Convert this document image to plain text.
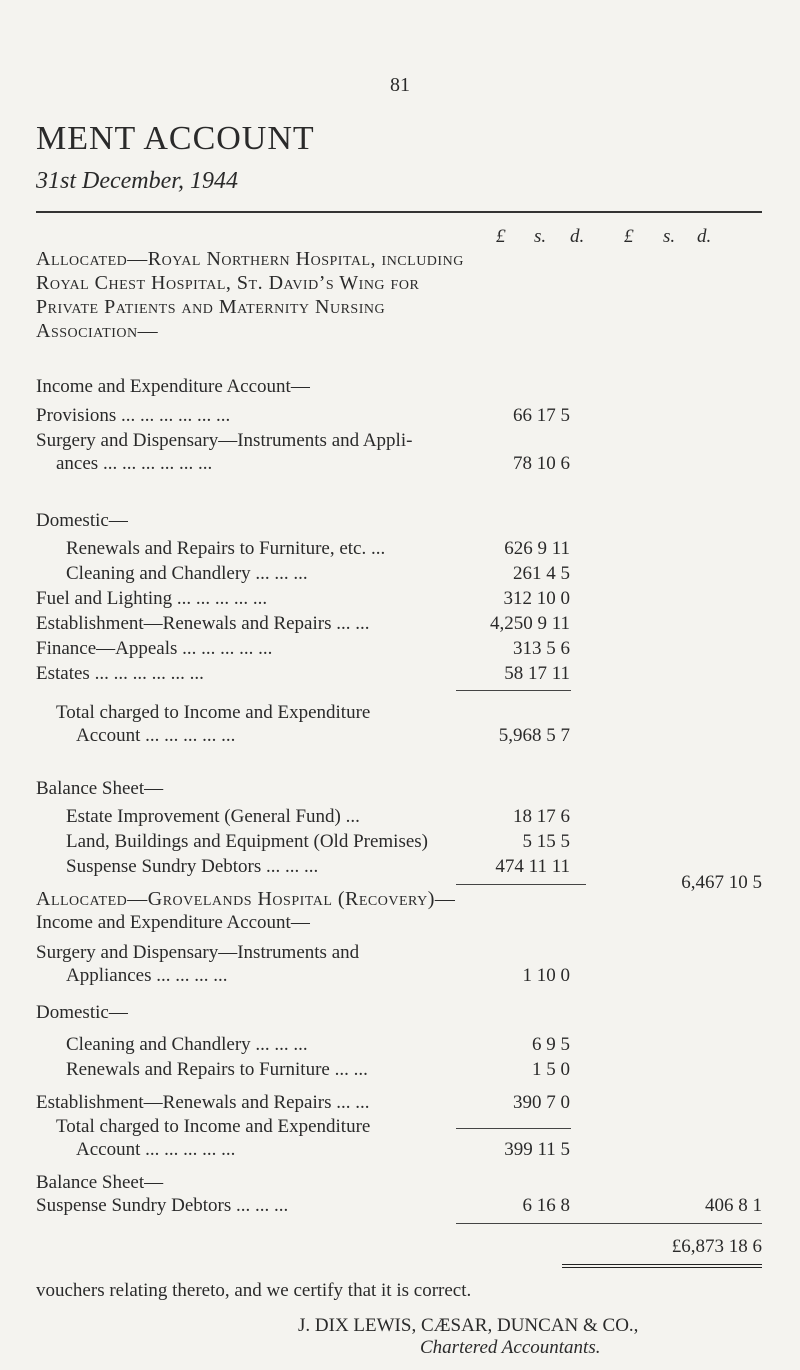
81
MENT ACCOUNT
31st December, 1944
£ s. d. £ s. d.
Allocated—Royal Northern Hospital, including
Royal Chest Hospital, St. David’s Wing for
Private Patients and Maternity Nursing
Association—
Income and Expenditure Account—
Provisions ... ... ... ... ... ...	66 17 5
Surgery and Dispensary—Instruments and Appli-
ances ... ... ... ... ... ...	78 10 6
Domestic—
Renewals and Repairs to Furniture, etc. ...	626 9 11
Cleaning and Chandlery ... ... ...	261 4 5
Fuel and Lighting ... ... ... ... ...	312 10 0
Establishment—Renewals and Repairs ... ...	4,250 9 11
Finance—Appeals ... ... ... ... ...	313 5 6
Estates ... ... ... ... ... ...	58 17 11
Total charged to Income and Expenditure
Account ... ... ... ... ...	5,968 5 7
Balance Sheet—
Estate Improvement (General Fund) ...	18 17 6
Land, Buildings and Equipment (Old Premises)	5 15 5
Suspense Sundry Debtors ... ... ...	474 11 11
6,467 10 5
Allocated—Grovelands Hospital (Recovery)—
Income and Expenditure Account—
Surgery and Dispensary—Instruments and
Appliances ... ... ... ...	1 10 0
Domestic—
Cleaning and Chandlery ... ... ...	6 9 5
Renewals and Repairs to Furniture ... ...	1 5 0
Establishment—Renewals and Repairs ... ...	390 7 0
Total charged to Income and Expenditure
Account ... ... ... ... ...	399 11 5
Balance Sheet—
Suspense Sundry Debtors ... ... ...	6 16 8	406 8 1
£6,873 18 6
vouchers relating thereto, and we certify that it is correct.
J. DIX LEWIS, CÆSAR, DUNCAN & CO.,
Chartered Accountants.
